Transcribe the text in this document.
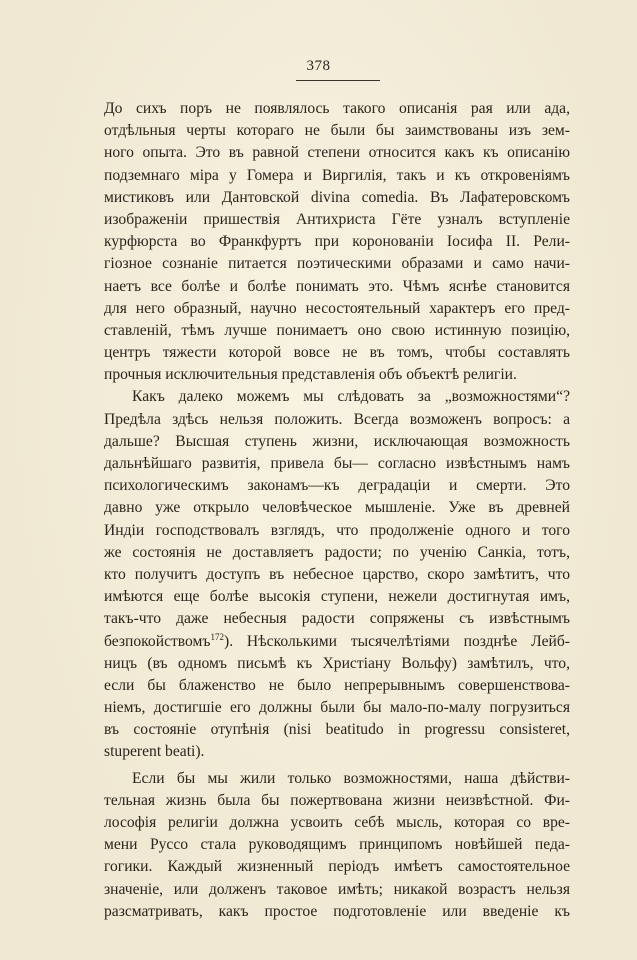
378
До сихъ поръ не появлялось такого описанія рая или ада,
отдѣльныя черты котораго не были бы заимствованы изъ зем-
ного опыта. Это въ равной степени относится какъ къ описанію
подземнаго міра у Гомера и Виргилія, такъ и къ откровеніямъ
мистиковъ или Дантовской divina comedia. Въ Лафатеровскомъ
изображеніи пришествія Антихриста Гёте узналъ вступленіе
курфюрста во Франкфуртъ при коронованіи Іосифа II. Рели-
гіозное сознаніе питается поэтическими образами и само начи-
наетъ все болѣе и болѣе понимать это. Чѣмъ яснѣе становится
для него образный, научно несостоятельный характеръ его пред-
ставленій, тѣмъ лучше понимаетъ оно свою истинную позицію,
центръ тяжести которой вовсе не въ томъ, чтобы составлять
прочныя исключительныя представленія объ объектѣ религіи.
Какъ далеко можемъ мы слѣдовать за „возможностями“?
Предѣла здѣсь нельзя положить. Всегда возможенъ вопросъ: а
дальше? Высшая ступень жизни, исключающая возможность
дальнѣйшаго развитія, привела бы— согласно извѣстнымъ намъ
психологическимъ законамъ—къ деградаціи и смерти. Это
давно уже открыло человѣческое мышленіе. Уже въ древней
Индіи господствовалъ взглядъ, что продолженіе одного и того
же состоянія не доставляетъ радости; по ученію Санкіа, тотъ,
кто получитъ доступъ въ небесное царство, скоро замѣтитъ, что
имѣются еще болѣе высокія ступени, нежели достигнутая имъ,
такъ-что даже небесныя радости сопряжены съ извѣстнымъ
безпокойствомъ$^{172}$). Нѣсколькими тысячелѣтіями позднѣе Лейб-
ницъ (въ одномъ письмѣ къ Христіану Вольфу) замѣтилъ, что,
если бы блаженство не было непрерывнымъ совершенствова-
ніемъ, достигшіе его должны были бы мало-по-малу погрузиться
въ состояніе отупѣнія (nisi beatitudo in progressu consisteret,
stuperent beati).
Если бы мы жили только возможностями, наша дѣйстви-
тельная жизнь была бы пожертвована жизни неизвѣстной. Фи-
лософія религіи должна усвоить себѣ мысль, которая со вре-
мени Руссо стала руководящимъ принципомъ новѣйшей педа-
гогики. Каждый жизненный періодъ имѣетъ самостоятельное
значеніе, или долженъ таковое имѣть; никакой возрастъ нельзя
разсматривать, какъ простое подготовленіе или введеніе къ
